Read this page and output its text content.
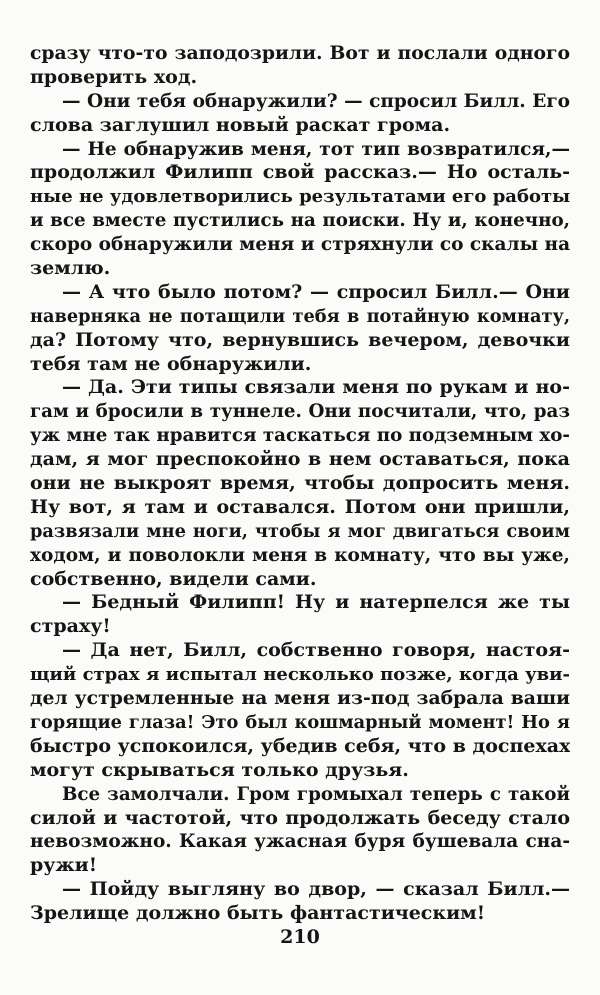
сразу что-то заподозрили. Вот и послали одного
проверить ход.
— Они тебя обнаружили? — спросил Билл. Его
слова заглушил новый раскат грома.
— Не обнаружив меня, тот тип возвратился,—
продолжил Филипп свой рассказ.— Но осталь-
ные не удовлетворились результатами его работы
и все вместе пустились на поиски. Ну и, конечно,
скоро обнаружили меня и стряхнули со скалы на
землю.
— А что было потом? — спросил Билл.— Они
наверняка не потащили тебя в потайную комнату,
да? Потому что, вернувшись вечером, девочки
тебя там не обнаружили.
— Да. Эти типы связали меня по рукам и но-
гам и бросили в туннеле. Они посчитали, что, раз
уж мне так нравится таскаться по подземным хо-
дам, я мог преспокойно в нем оставаться, пока
они не выкроят время, чтобы допросить меня.
Ну вот, я там и оставался. Потом они пришли,
развязали мне ноги, чтобы я мог двигаться своим
ходом, и поволокли меня в комнату, что вы уже,
собственно, видели сами.
— Бедный Филипп! Ну и натерпелся же ты
страху!
— Да нет, Билл, собственно говоря, настоя-
щий страх я испытал несколько позже, когда уви-
дел устремленные на меня из-под забрала ваши
горящие глаза! Это был кошмарный момент! Но я
быстро успокоился, убедив себя, что в доспехах
могут скрываться только друзья.
Все замолчали. Гром громыхал теперь с такой
силой и частотой, что продолжать беседу стало
невозможно. Какая ужасная буря бушевала сна-
ружи!
— Пойду выгляну во двор, — сказал Билл.—
Зрелище должно быть фантастическим!
210
